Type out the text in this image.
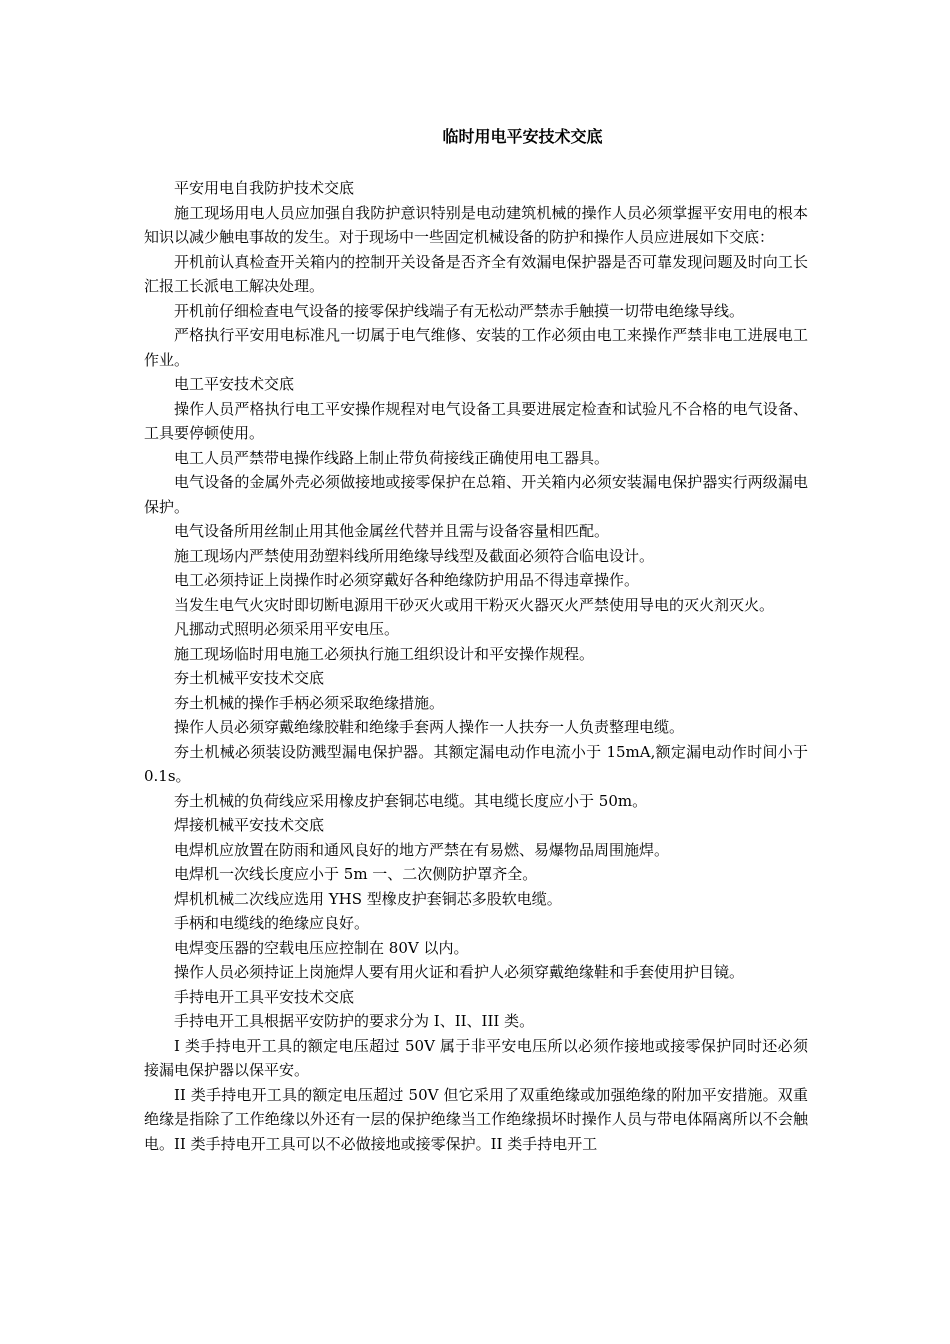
临时用电平安技术交底

平安用电自我防护技术交底

施工现场用电人员应加强自我防护意识特别是电动建筑机械的操作人员必须掌握平安用电的根本知识以减少触电事故的发生。对于现场中一些固定机械设备的防护和操作人员应进展如下交底：

开机前认真检查开关箱内的控制开关设备是否齐全有效漏电保护器是否可靠发现问题及时向工长汇报工长派电工解决处理。

开机前仔细检查电气设备的接零保护线端子有无松动严禁赤手触摸一切带电绝缘导线。

严格执行平安用电标准凡一切属于电气维修、安装的工作必须由电工来操作严禁非电工进展电工作业。

电工平安技术交底

操作人员严格执行电工平安操作规程对电气设备工具要进展定检查和试验凡不合格的电气设备、工具要停顿使用。

电工人员严禁带电操作线路上制止带负荷接线正确使用电工器具。

电气设备的金属外壳必须做接地或接零保护在总箱、开关箱内必须安装漏电保护器实行两级漏电保护。

电气设备所用丝制止用其他金属丝代替并且需与设备容量相匹配。

施工现场内严禁使用劲塑料线所用绝缘导线型及截面必须符合临电设计。

电工必须持证上岗操作时必须穿戴好各种绝缘防护用品不得违章操作。

当发生电气火灾时即切断电源用干砂灭火或用干粉灭火器灭火严禁使用导电的灭火剂灭火。

凡挪动式照明必须采用平安电压。

施工现场临时用电施工必须执行施工组织设计和平安操作规程。

夯土机械平安技术交底

夯土机械的操作手柄必须采取绝缘措施。

操作人员必须穿戴绝缘胶鞋和绝缘手套两人操作一人扶夯一人负责整理电缆。

夯土机械必须装设防溅型漏电保护器。其额定漏电动作电流小于 15mA,额定漏电动作时间小于 0.1s。

夯土机械的负荷线应采用橡皮护套铜芯电缆。其电缆长度应小于 50m。

焊接机械平安技术交底

电焊机应放置在防雨和通风良好的地方严禁在有易燃、易爆物品周围施焊。

电焊机一次线长度应小于 5m 一、二次侧防护罩齐全。

焊机机械二次线应选用 YHS 型橡皮护套铜芯多股软电缆。

手柄和电缆线的绝缘应良好。

电焊变压器的空载电压应控制在 80V 以内。

操作人员必须持证上岗施焊人要有用火证和看护人必须穿戴绝缘鞋和手套使用护目镜。

手持电开工具平安技术交底

手持电开工具根据平安防护的要求分为 I、II、III 类。

I 类手持电开工具的额定电压超过 50V 属于非平安电压所以必须作接地或接零保护同时还必须接漏电保护器以保平安。

II 类手持电开工具的额定电压超过 50V 但它采用了双重绝缘或加强绝缘的附加平安措施。双重绝缘是指除了工作绝缘以外还有一层的保护绝缘当工作绝缘损坏时操作人员与带电体隔离所以不会触电。II 类手持电开工具可以不必做接地或接零保护。II 类手持电开工
